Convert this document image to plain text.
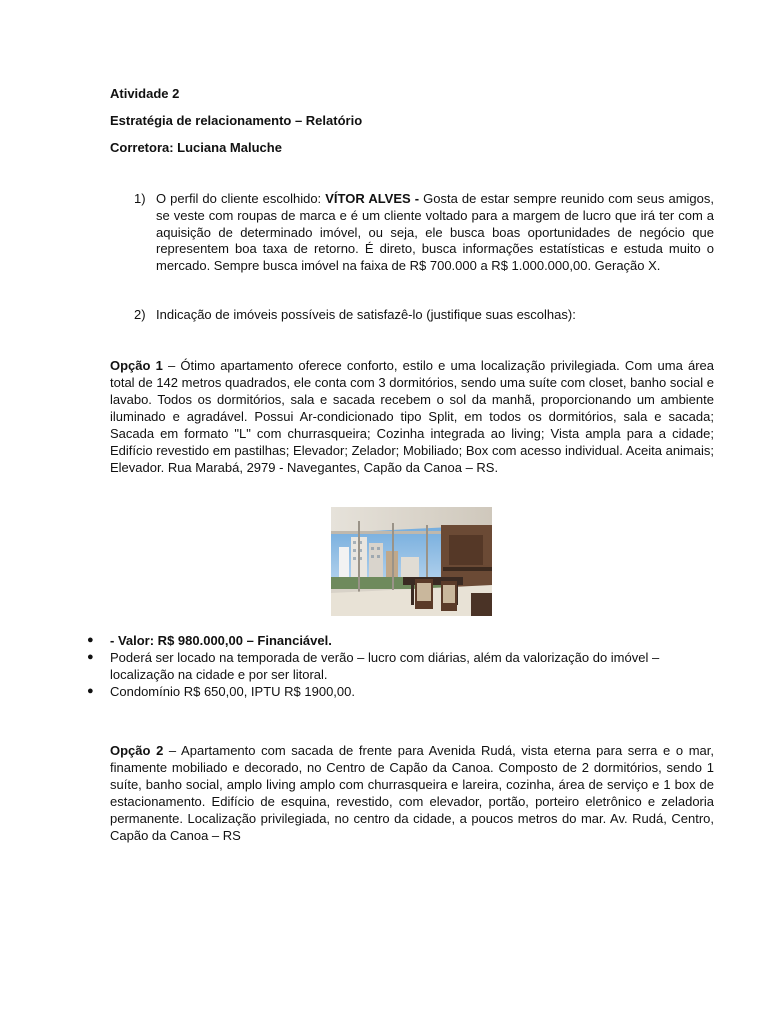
Atividade 2
Estratégia de relacionamento – Relatório
Corretora: Luciana Maluche
1) O perfil do cliente escolhido: VÍTOR ALVES - Gosta de estar sempre reunido com seus amigos, se veste com roupas de marca e é um cliente voltado para a margem de lucro que irá ter com a aquisição de determinado imóvel, ou seja, ele busca boas oportunidades de negócio que representem boa taxa de retorno. É direto, busca informações estatísticas e estuda muito o mercado. Sempre busca imóvel na faixa de R$ 700.000 a R$ 1.000.000,00. Geração X.
2) Indicação de imóveis possíveis de satisfazê-lo (justifique suas escolhas):
Opção 1 – Ótimo apartamento oferece conforto, estilo e uma localização privilegiada. Com uma área total de 142 metros quadrados, ele conta com 3 dormitórios, sendo uma suíte com closet, banho social e lavabo. Todos os dormitórios, sala e sacada recebem o sol da manhã, proporcionando um ambiente iluminado e agradável. Possui Ar-condicionado tipo Split, em todos os dormitórios, sala e sacada; Sacada em formato "L" com churrasqueira; Cozinha integrada ao living; Vista ampla para a cidade; Edifício revestido em pastilhas; Elevador; Zelador; Mobiliado; Box com acesso individual. Aceita animais; Elevador. Rua Marabá, 2979 - Navegantes, Capão da Canoa – RS.
● - Valor: R$ 980.000,00 – Financiável.
● Poderá ser locado na temporada de verão – lucro com diárias, além da valorização do imóvel – localização na cidade e por ser litoral.
● Condomínio R$ 650,00, IPTU R$ 1900,00.
Opção 2 – Apartamento com sacada de frente para Avenida Rudá, vista eterna para serra e o mar, finamente mobiliado e decorado, no Centro de Capão da Canoa. Composto de 2 dormitórios, sendo 1 suíte, banho social, amplo living amplo com churrasqueira e lareira, cozinha, área de serviço e 1 box de estacionamento. Edifício de esquina, revestido, com elevador, portão, porteiro eletrônico e zeladoria permanente. Localização privilegiada, no centro da cidade, a poucos metros do mar. Av. Rudá, Centro, Capão da Canoa – RS
